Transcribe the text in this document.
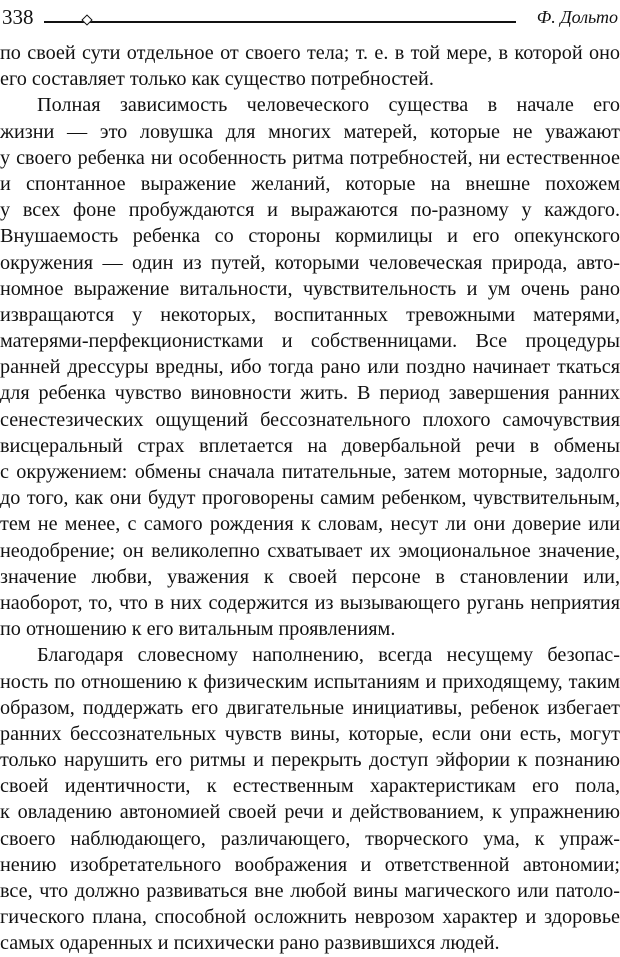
338	Ф. Дольто
по своей сути отдельное от своего тела; т. е. в той мере, в которой оно
его составляет только как существо потребностей.
Полная зависимость человеческого существа в начале его
жизни — это ловушка для многих матерей, которые не уважают
у своего ребенка ни особенность ритма потребностей, ни естественное
и спонтанное выражение желаний, которые на внешне похожем
у всех фоне пробуждаются и выражаются по-разному у каждого.
Внушаемость ребенка со стороны кормилицы и его опекунского
окружения — один из путей, которыми человеческая природа, авто-
номное выражение витальности, чувствительность и ум очень рано
извращаются у некоторых, воспитанных тревожными матерями,
матерями-перфекционистками и собственницами. Все процедуры
ранней дрессуры вредны, ибо тогда рано или поздно начинает ткаться
для ребенка чувство виновности жить. В период завершения ранних
сенестезических ощущений бессознательного плохого самочувствия
висцеральный страх вплетается на довербальной речи в обмены
с окружением: обмены сначала питательные, затем моторные, задолго
до того, как они будут проговорены самим ребенком, чувствительным,
тем не менее, с самого рождения к словам, несут ли они доверие или
неодобрение; он великолепно схватывает их эмоциональное значение,
значение любви, уважения к своей персоне в становлении или,
наоборот, то, что в них содержится из вызывающего ругань неприятия
по отношению к его витальным проявлениям.
Благодаря словесному наполнению, всегда несущему безопас-
ность по отношению к физическим испытаниям и приходящему, таким
образом, поддержать его двигательные инициативы, ребенок избегает
ранних бессознательных чувств вины, которые, если они есть, могут
только нарушить его ритмы и перекрыть доступ эйфории к познанию
своей идентичности, к естественным характеристикам его пола,
к овладению автономией своей речи и действованием, к упражнению
своего наблюдающего, различающего, творческого ума, к упраж-
нению изобретательного воображения и ответственной автономии;
все, что должно развиваться вне любой вины магического или патоло-
гического плана, способной осложнить неврозом характер и здоровье
самых одаренных и психически рано развившихся людей.
